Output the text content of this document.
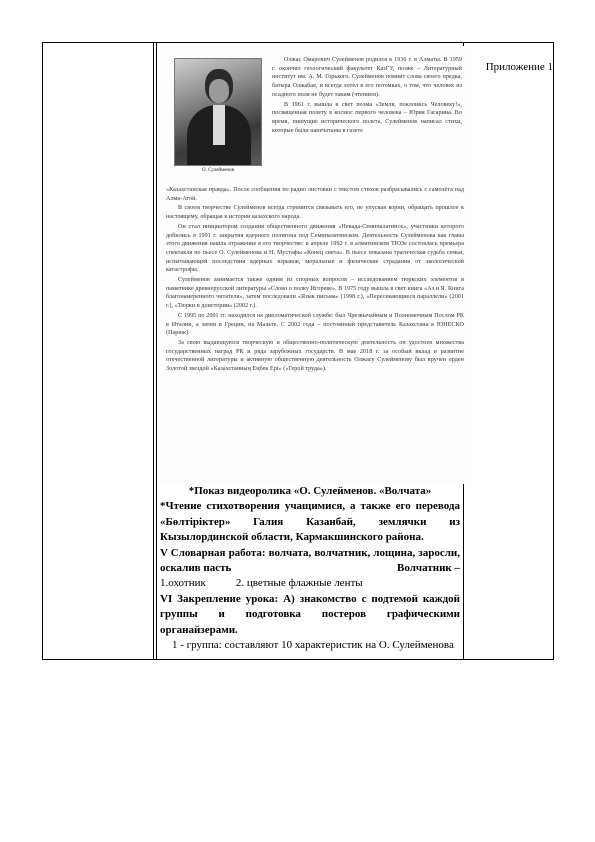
Приложение 1
О. Сулейменов

Олжас Омарович Сулейменов родился в 1936 г. в Алматы. В 1959 г. окончил геологический факультет КазГУ, позже – Литературный институт им. А. М. Горького. Сулейменов помнит слова своего предка, батыра Олжабая, и всегда хотел в его потомках, о том, что человек из осадного поля не будет таким (чтением).

В 1961 г. вышла в свет поэма «Земля, поклонись Человеку!», посвященная полету в космос первого человека – Юрия Гагарина. Во время, пишущие исторического полета, Сулейменов написал стихи, которые были напечатаны в газете

«Казахстанская правда». После сообщения по радио листовки с текстом стихов разбрасывались с самолёта над Алма-Атой.

В своем творчестве Сулейменов всегда стремится связывать его, не упуская корни, обращать прошлое к настоящему, обращая к истории казахского народа.

Он стал инициатором создания общественного движения «Невада-Семипалатинск», участники которого добились в 1991 г. закрытия ядерного полигона под Семипалатинском. Деятельность Сулейменова как главы этого движения нашла отражение в его творчестве: в апреле 1992 г. в алматинском ТЮЗе состоялась премьера спектакля по пьесе О. Сулейменова и Н. Мустафы «Конец света». В пьесе показана трагическая судьба семьи, испытывающей последствия ядерных взрывов, моральные и физические страдания от экологической катастрофы.

Сулейменов занимается также одним из спорных вопросов – исследованием тюркских элементов в памятнике древнерусской литературы «Слово о полку Игореве». В 1975 году вышла в свет книга «Аз и Я. Книга благонамеренного читателя», затем последовали «Язык письма» (1998 г.), «Пересекающиеся параллели» (2001 г.), «Тюрки в доистории» (2002 г.).

С 1995 по 2001 гг. находился на дипломатической службе: был Чрезвычайным и Полномочным Послом РК в Италии, а затем в Греции, на Мальте. С 2002 года – постоянный представитель Казахстана в ЮНЕСКО (Париж).

За свою выдающуюся творческую и общественно-политическую деятельность он удостоен множества государственных наград РК и ряда зарубежных государств. В мае 2018 г. за особый вклад в развитие отечественной литературы и активную общественную деятельность Олжасу Сулейменову был вручен орден Золотой звездой «Казахстанның Еңбек Ері» («Герой труда»).

*Показ видеоролика «О. Сулейменов. «Волчата»

*Чтение стихотворения учащимися, а также его перевода «Бөлтіріктер» Галия Казанбай, землячки из Кызылординской области, Кармакшинского района.

V Словарная работа: волчата, волчатник, лощина, заросли, оскалив пасть	Волчатник –

1.охотник	2. цветные флажные ленты

VI Закрепление урока: А) знакомство с подтемой каждой группы и подготовка постеров графическими органайзерами.

1 - группа: составляют 10 характеристик на О. Сулейменова
